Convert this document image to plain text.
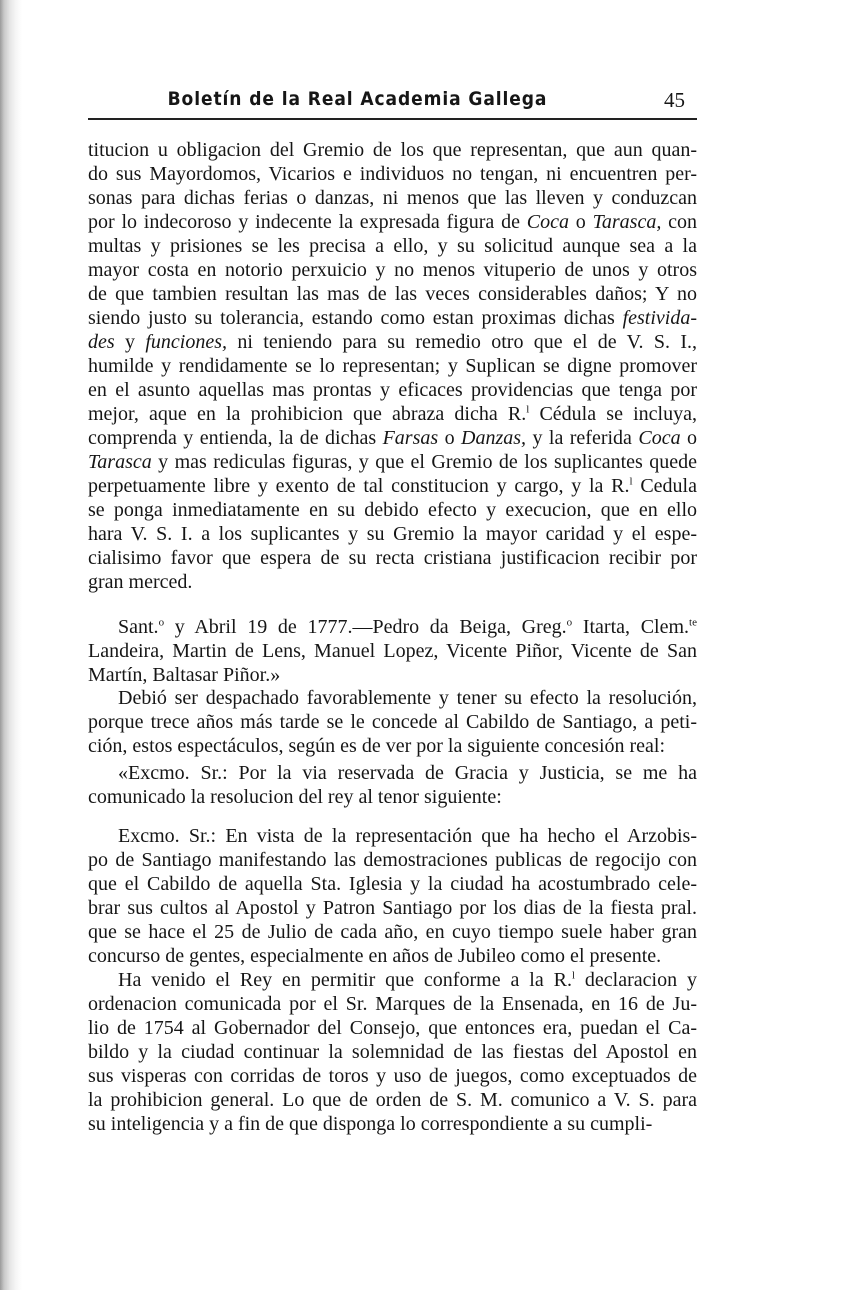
Boletín de la Real Academia Gallega	45
titucion u obligacion del Gremio de los que representan, que aun quan-
do sus Mayordomos, Vicarios e individuos no tengan, ni encuentren per-
sonas para dichas ferias o danzas, ni menos que las lleven y conduzcan
por lo indecoroso y indecente la expresada figura de Coca o Tarasca, con
multas y prisiones se les precisa a ello, y su solicitud aunque sea a la
mayor costa en notorio perxuicio y no menos vituperio de unos y otros
de que tambien resultan las mas de las veces considerables daños; Y no
siendo justo su tolerancia, estando como estan proximas dichas festivida-
des y funciones, ni teniendo para su remedio otro que el de V. S. I.,
humilde y rendidamente se lo representan; y Suplican se digne promover
en el asunto aquellas mas prontas y eficaces providencias que tenga por
mejor, aque en la prohibicion que abraza dicha R.$^l$ Cédula se incluya,
comprenda y entienda, la de dichas Farsas o Danzas, y la referida Coca o
Tarasca y mas rediculas figuras, y que el Gremio de los suplicantes quede
perpetuamente libre y exento de tal constitucion y cargo, y la R.$^l$ Cedula
se ponga inmediatamente en su debido efecto y execucion, que en ello
hara V. S. I. a los suplicantes y su Gremio la mayor caridad y el espe-
cialisimo favor que espera de su recta cristiana justificacion recibir por
gran merced.
Sant.$^o$ y Abril 19 de 1777.—Pedro da Beiga, Greg.$^o$ Itarta, Clem.$^{te}$
Landeira, Martin de Lens, Manuel Lopez, Vicente Piñor, Vicente de San
Martín, Baltasar Piñor.»
Debió ser despachado favorablemente y tener su efecto la resolución,
porque trece años más tarde se le concede al Cabildo de Santiago, a peti-
ción, estos espectáculos, según es de ver por la siguiente concesión real:
«Excmo. Sr.: Por la via reservada de Gracia y Justicia, se me ha
comunicado la resolucion del rey al tenor siguiente:
Excmo. Sr.: En vista de la representación que ha hecho el Arzobis-
po de Santiago manifestando las demostraciones publicas de regocijo con
que el Cabildo de aquella Sta. Iglesia y la ciudad ha acostumbrado cele-
brar sus cultos al Apostol y Patron Santiago por los dias de la fiesta pral.
que se hace el 25 de Julio de cada año, en cuyo tiempo suele haber gran
concurso de gentes, especialmente en años de Jubileo como el presente.
Ha venido el Rey en permitir que conforme a la R.$^l$ declaracion y
ordenacion comunicada por el Sr. Marques de la Ensenada, en 16 de Ju-
lio de 1754 al Gobernador del Consejo, que entonces era, puedan el Ca-
bildo y la ciudad continuar la solemnidad de las fiestas del Apostol en
sus visperas con corridas de toros y uso de juegos, como exceptuados de
la prohibicion general. Lo que de orden de S. M. comunico a V. S. para
su inteligencia y a fin de que disponga lo correspondiente a su cumpli-
